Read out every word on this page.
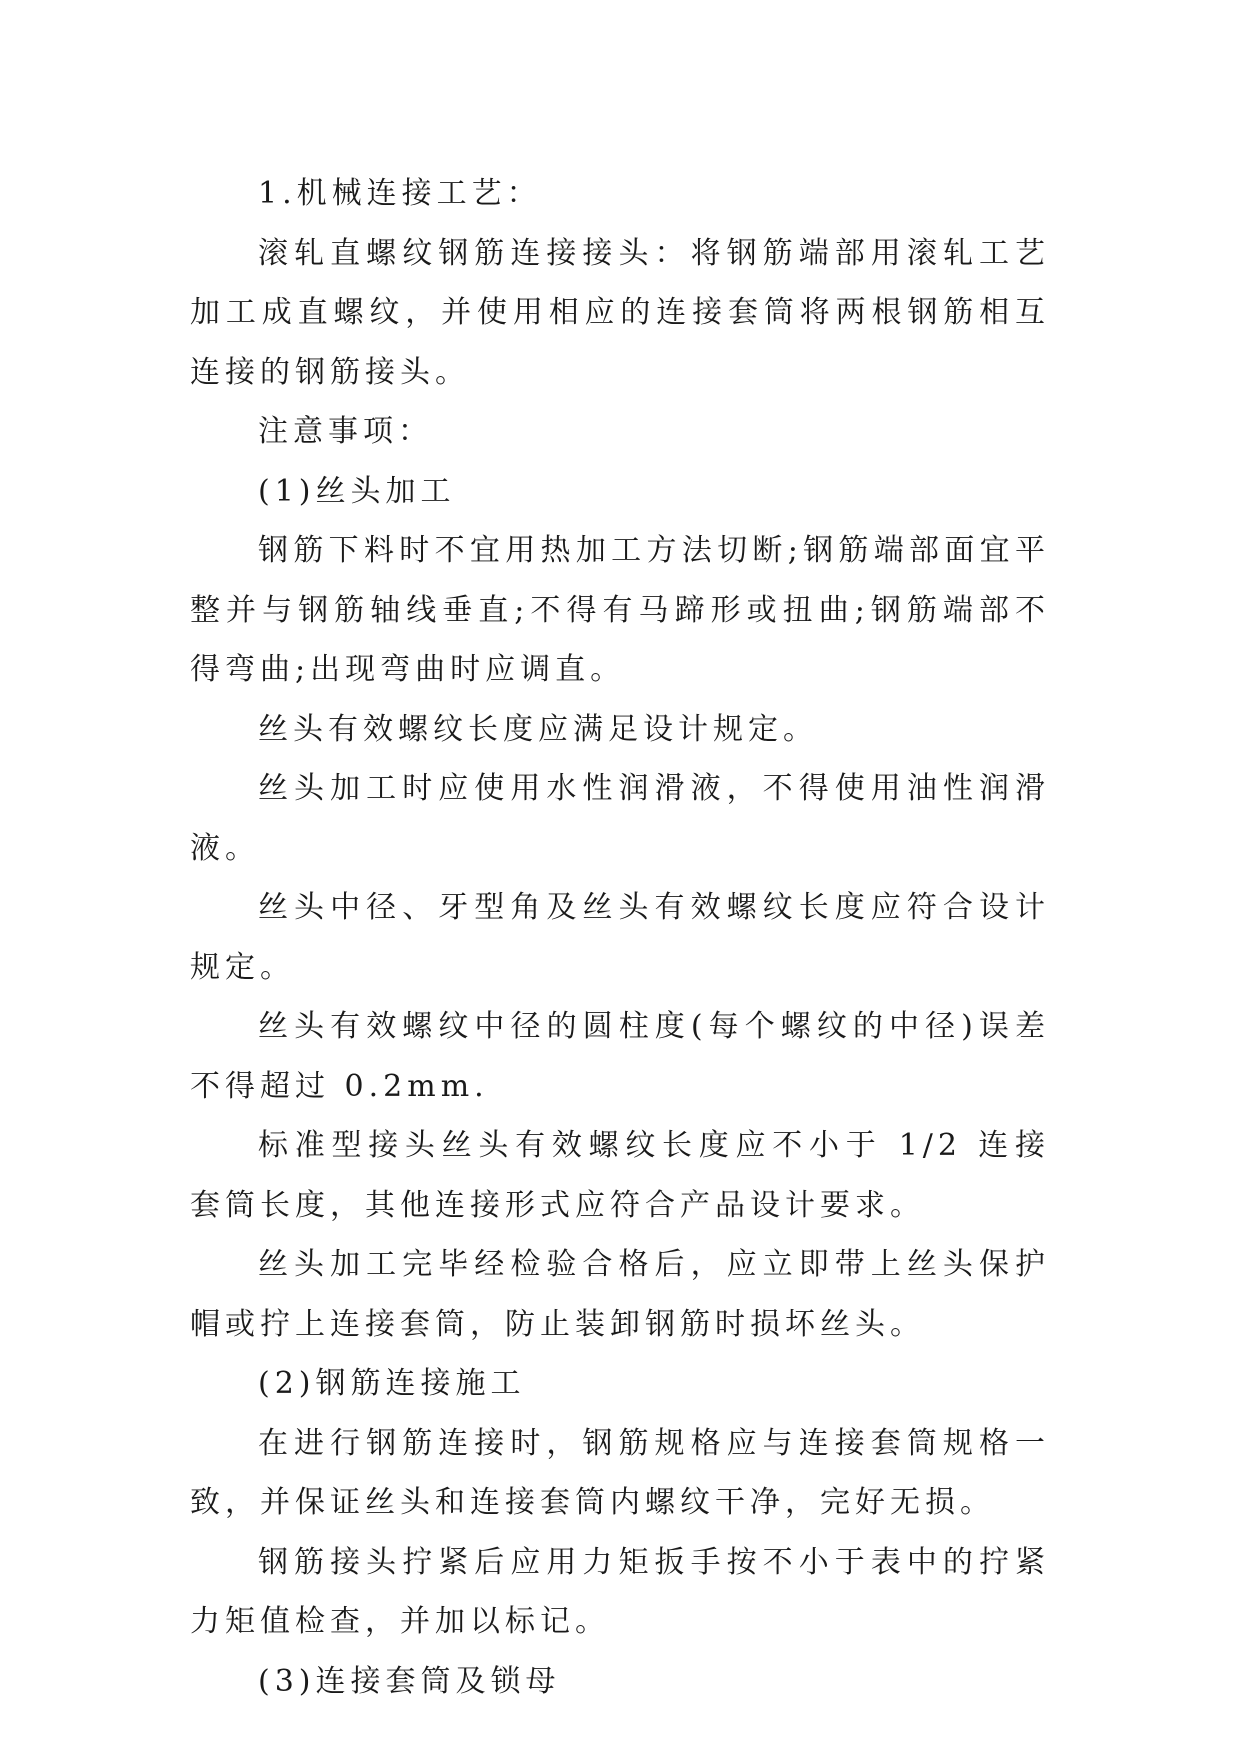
1.机械连接工艺：

滚轧直螺纹钢筋连接接头：将钢筋端部用滚轧工艺加工成直螺纹，并使用相应的连接套筒将两根钢筋相互连接的钢筋接头。

注意事项：

(1)丝头加工

钢筋下料时不宜用热加工方法切断;钢筋端部面宜平整并与钢筋轴线垂直;不得有马蹄形或扭曲;钢筋端部不得弯曲;出现弯曲时应调直。

丝头有效螺纹长度应满足设计规定。

丝头加工时应使用水性润滑液，不得使用油性润滑液。

丝头中径、牙型角及丝头有效螺纹长度应符合设计规定。

丝头有效螺纹中径的圆柱度(每个螺纹的中径)误差不得超过 0.2mm.

标准型接头丝头有效螺纹长度应不小于 1/2 连接套筒长度，其他连接形式应符合产品设计要求。

丝头加工完毕经检验合格后，应立即带上丝头保护帽或拧上连接套筒，防止装卸钢筋时损坏丝头。

(2)钢筋连接施工

在进行钢筋连接时，钢筋规格应与连接套筒规格一致，并保证丝头和连接套筒内螺纹干净，完好无损。

钢筋接头拧紧后应用力矩扳手按不小于表中的拧紧力矩值检查，并加以标记。

(3)连接套筒及锁母
